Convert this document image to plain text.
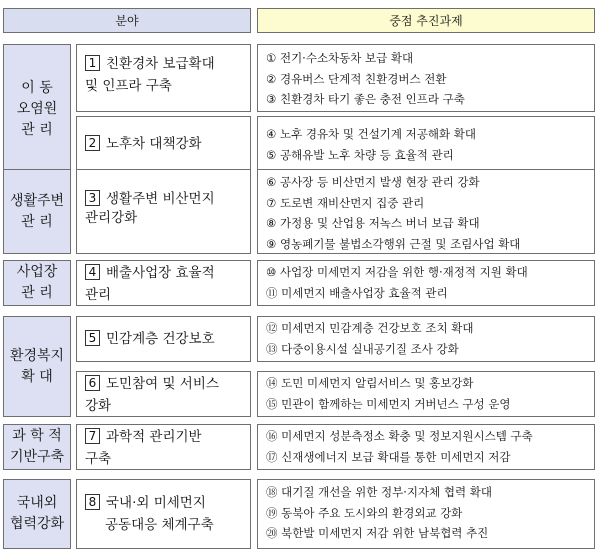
분야	중점 추진과제
이 동
오염원
관 리
1 친환경차 보급확대
및 인프라 구축
① 전기·수소차동차 보급 확대
② 경유버스 단계적 친환경버스 전환
③ 친환경차 타기 좋은 충전 인프라 구축
2 노후차 대책강화
④ 노후 경유차 및 건설기계 저공해화 확대
⑤ 공해유발 노후 차량 등 효율적 관리
생활주변
관 리
3 생활주변 비산먼지
관리강화
⑥ 공사장 등 비산먼지 발생 현장 관리 강화
⑦ 도로변 재비산먼지 집중 관리
⑧ 가정용 및 산업용 저녹스 버너 보급 확대
⑨ 영농폐기물 불법소각행위 근절 및 조림사업 확대
사업장
관 리
4 배출사업장 효율적
관리
⑩ 사업장 미세먼지 저감을 위한 행·재정적 지원 확대
⑪ 미세먼지 배출사업장 효율적 관리
환경복지
확 대
5 민감계층 건강보호
⑫ 미세먼지 민감계층 건강보호 조치 확대
⑬ 다중이용시설 실내공기질 조사 강화
6 도민참여 및 서비스
강화
⑭ 도민 미세먼지 알림서비스 및 홍보강화
⑮ 민관이 함께하는 미세먼지 거버넌스 구성 운영
과 학 적
기반구축
7 과학적 관리기반
구축
⑯ 미세먼지 성분측정소 확충 및 정보지원시스템 구축
⑰ 신재생에너지 보급 확대를 통한 미세먼지 저감
국내외
협력강화
8 국내·외 미세먼지
공동대응 체계구축
⑱ 대기질 개선을 위한 정부·지자체 협력 확대
⑲ 동북아 주요 도시와의 환경외교 강화
⑳ 북한발 미세먼지 저감 위한 남북협력 추진
